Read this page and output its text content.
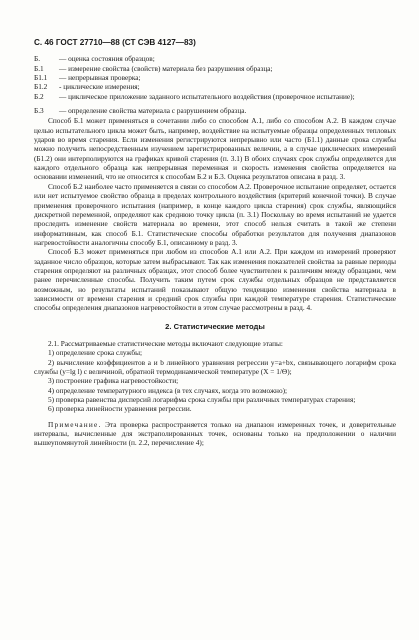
С. 46 ГОСТ 27710—88 (СТ СЭВ 4127—83)
Б.	— оценка состояния образцов;
Б.1	— измерение свойства (свойств) материала без разрушения образца;
Б1.1	— непрерывная проверка;
Б1.2	- циклические измерения;
Б.2	— циклическое приложение заданного испытательного воздействия (проверочное испытание);
Б.3	— определение свойства материала с разрушением образца.

Способ Б.1 может применяться в сочетании либо со способом А.1, либо со способом А.2. В каждом случае целью испытательного цикла может быть, например, воздействие на испытуемые образцы определенных тепловых ударов во время старения. Если изменения регистрируются непрерывно или часто (Б1.1) данные срока службы можно получить непосредственным изучением зарегистрированных величин, а в случае циклических измерений (Б1.2) они интерполируются на графиках кривой старения (п. 3.1) В обоих случаях срок службы определяется для каждого отдельного образца как непрерывная переменная и скорость изменения свойства определяется на основании изменений, что не относится к способам Б.2 и Б.3. Оценка результатов описана в разд. 3.

Способ Б.2 наиболее часто применяется в связи со способом А.2. Проверочное испытание определяет, остается или нет испытуемое свойство образца в пределах контрольного воздействия (критерий конечной точки). В случае применения проверочного испытания (например, в конце каждого цикла старения) срок службы, являющийся дискретной переменной, определяют как среднюю точку цикла (п. 3.1) Поскольку во время испытаний не удается проследить изменение свойств материала во времени, этот способ нельзя считать в такой же степени информативным, как способ Б.1. Статистические способы обработки результатов для получения диапазонов нагревостойкости аналогичны способу Б.1, описанному в разд. 3.

Способ Б.3 может применяться при любом из способов А.1 или А.2. При каждом из измерений проверяют заданное число образцов, которые затем выбрасывают. Так как изменения показателей свойства за равные периоды старения определяют на различных образцах, этот способ более чувствителен к различиям между образцами, чем ранее перечисленные способы. Получить таким путем срок службы отдельных образцов не представляется возможным, но результаты испытаний показывают общую тенденцию изменения свойства материала в зависимости от времени старения и средний срок службы при каждой температуре старения. Статистические способы определения диапазонов нагревостойкости в этом случае рассмотрены в разд. 4.

2. Статистические методы
2.1. Рассматриваемые статистические методы включают следующие этапы:
1) определение срока службы;
2) вычисление коэффициентов a и b линейного уравнения регрессии y=a+bx, связывающего логарифм срока службы (y=lg l) с величиной, обратной термодинамической температуре (X = 1/Θ);
3) построение графика нагревостойкости;
4) определение температурного индекса (в тех случаях, когда это возможно);
5) проверка равенства дисперсий логарифма срока службы при различных температурах старения;
6) проверка линейности уравнения регрессии.

Примечание. Эта проверка распространяется только на диапазон измеренных точек, и доверительные интервалы, вычисленные для экстраполированных точек, основаны только на предположении о наличии вышеупомянутой линейности (п. 2.2, перечисление 4);
